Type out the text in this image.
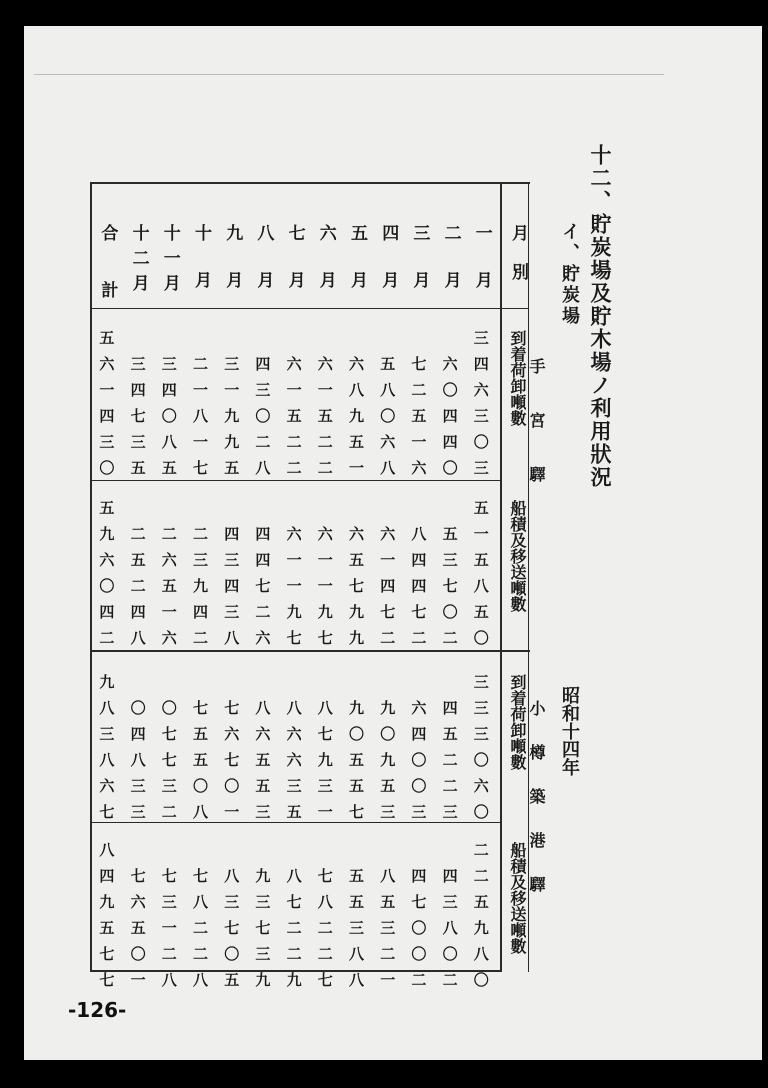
十二、貯炭場及貯木場ノ利用狀況
イ、貯炭場
昭和十四年
月別
手宮驛
小樽築港驛
到着荷卸噸數
船積及移送噸數
到着荷卸噸數
船積及移送噸數
一月
二月
三月
四月
五月
六月
七月
八月
九月
十月
十一月
十二月
合計
三四六三〇三
五一五八五〇
三三三〇六〇
二二五九八〇
六〇四四〇
五三七〇二
四五二二三
四三八〇二
七二五一六
八四四七二
六四〇〇三
四七〇〇二
五八〇六八
六一四七二
九〇九五三
八五三二一
六八九五一
六五七九九
九〇五五七
五五三八八
六一五二二
六一一九七
八七九三一
七八二二七
六一五二二
六一一九七
八六六三五
八七二二九
四三〇二八
四四七二六
八六五五三
九三七三九
三一九九五
四三四三八
七六七〇一
八三七〇五
二一八一七
二三九四二
七五五〇八
七八二二八
三四〇八五
二六五一六
〇七七三二
七三一二八
三四七三五
二五二四八
〇四八三三
七六五〇一
五六一四三〇
五九六〇四二
九八三八六七
八四九五七七
-126-
